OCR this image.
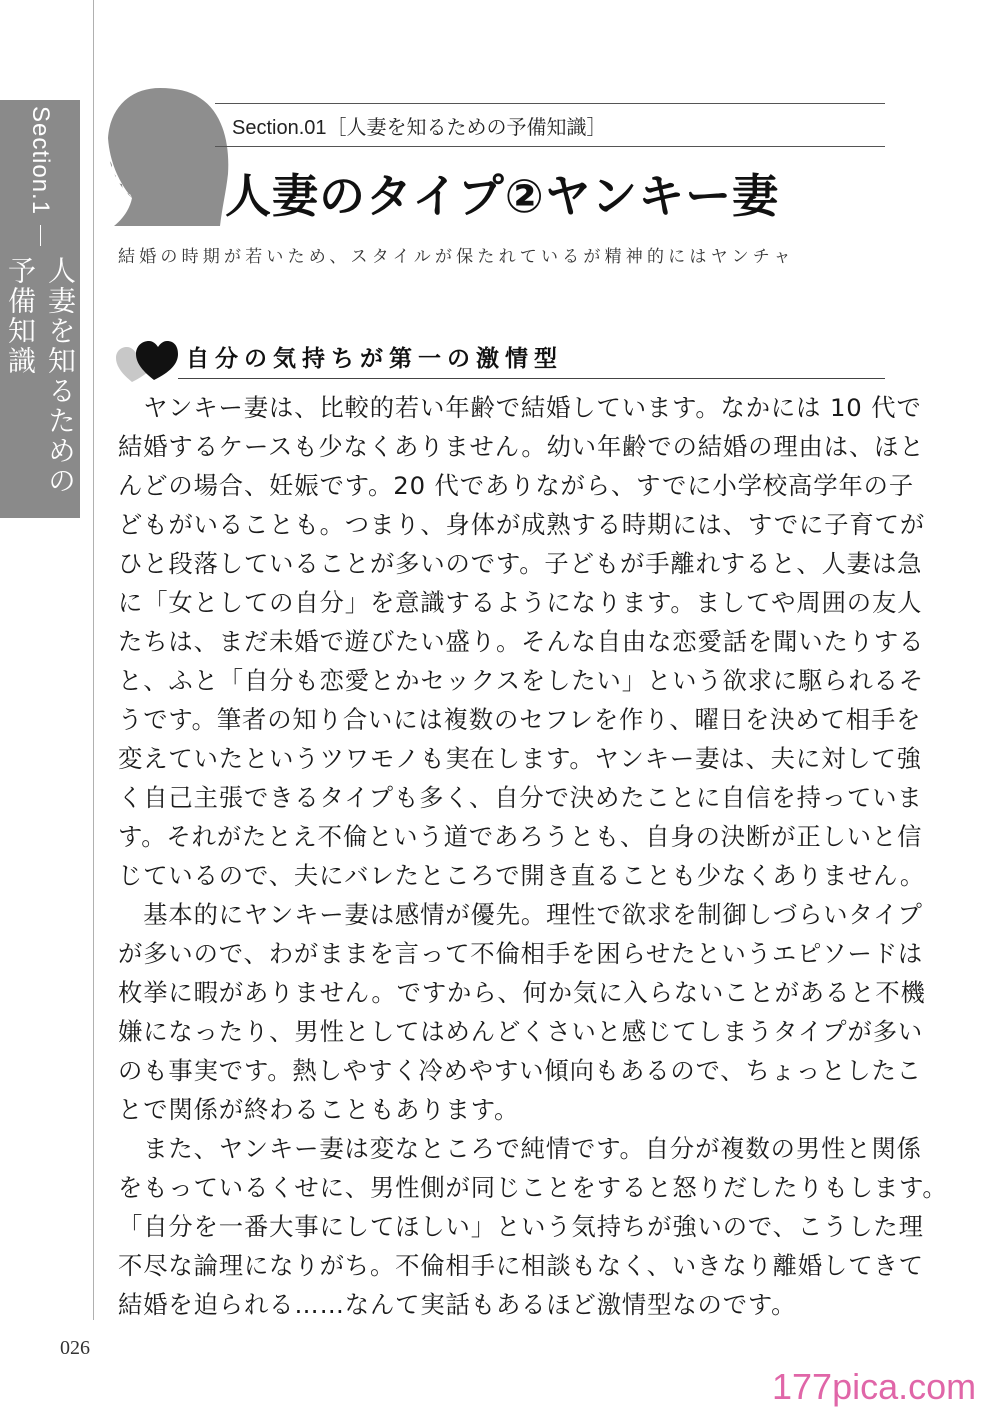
Section.1
人妻を知るための予備知識
Section.01［人妻を知るための予備知識］
人妻のタイプ②ヤンキー妻
結婚の時期が若いため、スタイルが保たれているが精神的にはヤンチャ
自分の気持ちが第一の激情型
　ヤンキー妻は、比較的若い年齢で結婚しています。なかには 10 代で
結婚するケースも少なくありません。幼い年齢での結婚の理由は、ほと
んどの場合、妊娠です。20 代でありながら、すでに小学校高学年の子
どもがいることも。つまり、身体が成熟する時期には、すでに子育てが
ひと段落していることが多いのです。子どもが手離れすると、人妻は急
に「女としての自分」を意識するようになります。ましてや周囲の友人
たちは、まだ未婚で遊びたい盛り。そんな自由な恋愛話を聞いたりする
と、ふと「自分も恋愛とかセックスをしたい」という欲求に駆られるそ
うです。筆者の知り合いには複数のセフレを作り、曜日を決めて相手を
変えていたというツワモノも実在します。ヤンキー妻は、夫に対して強
く自己主張できるタイプも多く、自分で決めたことに自信を持っていま
す。それがたとえ不倫という道であろうとも、自身の決断が正しいと信
じているので、夫にバレたところで開き直ることも少なくありません。
　基本的にヤンキー妻は感情が優先。理性で欲求を制御しづらいタイプ
が多いので、わがままを言って不倫相手を困らせたというエピソードは
枚挙に暇がありません。ですから、何か気に入らないことがあると不機
嫌になったり、男性としてはめんどくさいと感じてしまうタイプが多い
のも事実です。熱しやすく冷めやすい傾向もあるので、ちょっとしたこ
とで関係が終わることもあります。
　また、ヤンキー妻は変なところで純情です。自分が複数の男性と関係
をもっているくせに、男性側が同じことをすると怒りだしたりもします。
「自分を一番大事にしてほしい」という気持ちが強いので、こうした理
不尽な論理になりがち。不倫相手に相談もなく、いきなり離婚してきて
結婚を迫られる……なんて実話もあるほど激情型なのです。
026
177pica.com
